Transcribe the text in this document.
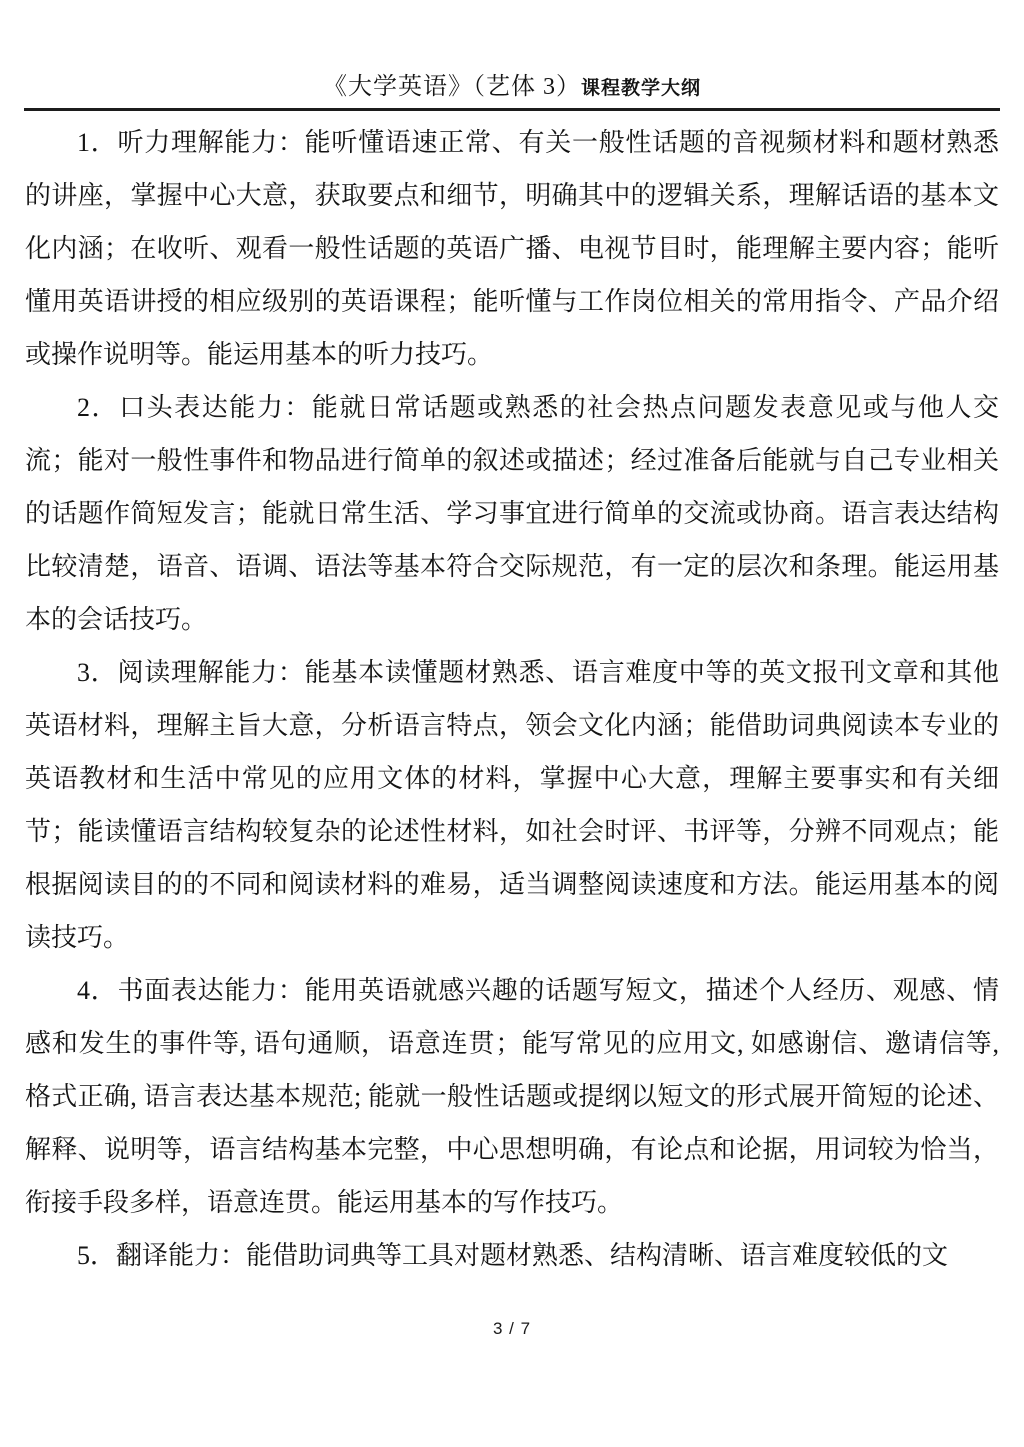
《大学英语》（艺体 3）课程教学大纲

1．听力理解能力：能听懂语速正常、有关一般性话题的音视频材料和题材熟悉的讲座，掌握中心大意，获取要点和细节，明确其中的逻辑关系，理解话语的基本文化内涵；在收听、观看一般性话题的英语广播、电视节目时，能理解主要内容；能听懂用英语讲授的相应级别的英语课程；能听懂与工作岗位相关的常用指令、产品介绍或操作说明等。能运用基本的听力技巧。

2．口头表达能力：能就日常话题或熟悉的社会热点问题发表意见或与他人交流；能对一般性事件和物品进行简单的叙述或描述；经过准备后能就与自己专业相关的话题作简短发言；能就日常生活、学习事宜进行简单的交流或协商。语言表达结构比较清楚，语音、语调、语法等基本符合交际规范，有一定的层次和条理。能运用基本的会话技巧。

3．阅读理解能力：能基本读懂题材熟悉、语言难度中等的英文报刊文章和其他英语材料，理解主旨大意，分析语言特点，领会文化内涵；能借助词典阅读本专业的英语教材和生活中常见的应用文体的材料，掌握中心大意，理解主要事实和有关细节；能读懂语言结构较复杂的论述性材料，如社会时评、书评等，分辨不同观点；能根据阅读目的的不同和阅读材料的难易，适当调整阅读速度和方法。能运用基本的阅读技巧。

4．书面表达能力：能用英语就感兴趣的话题写短文，描述个人经历、观感、情感和发生的事件等, 语句通顺，语意连贯；能写常见的应用文, 如感谢信、邀请信等, 格式正确, 语言表达基本规范; 能就一般性话题或提纲以短文的形式展开简短的论述、解释、说明等，语言结构基本完整，中心思想明确，有论点和论据，用词较为恰当，衔接手段多样，语意连贯。能运用基本的写作技巧。

5．翻译能力：能借助词典等工具对题材熟悉、结构清晰、语言难度较低的文

3 / 7
